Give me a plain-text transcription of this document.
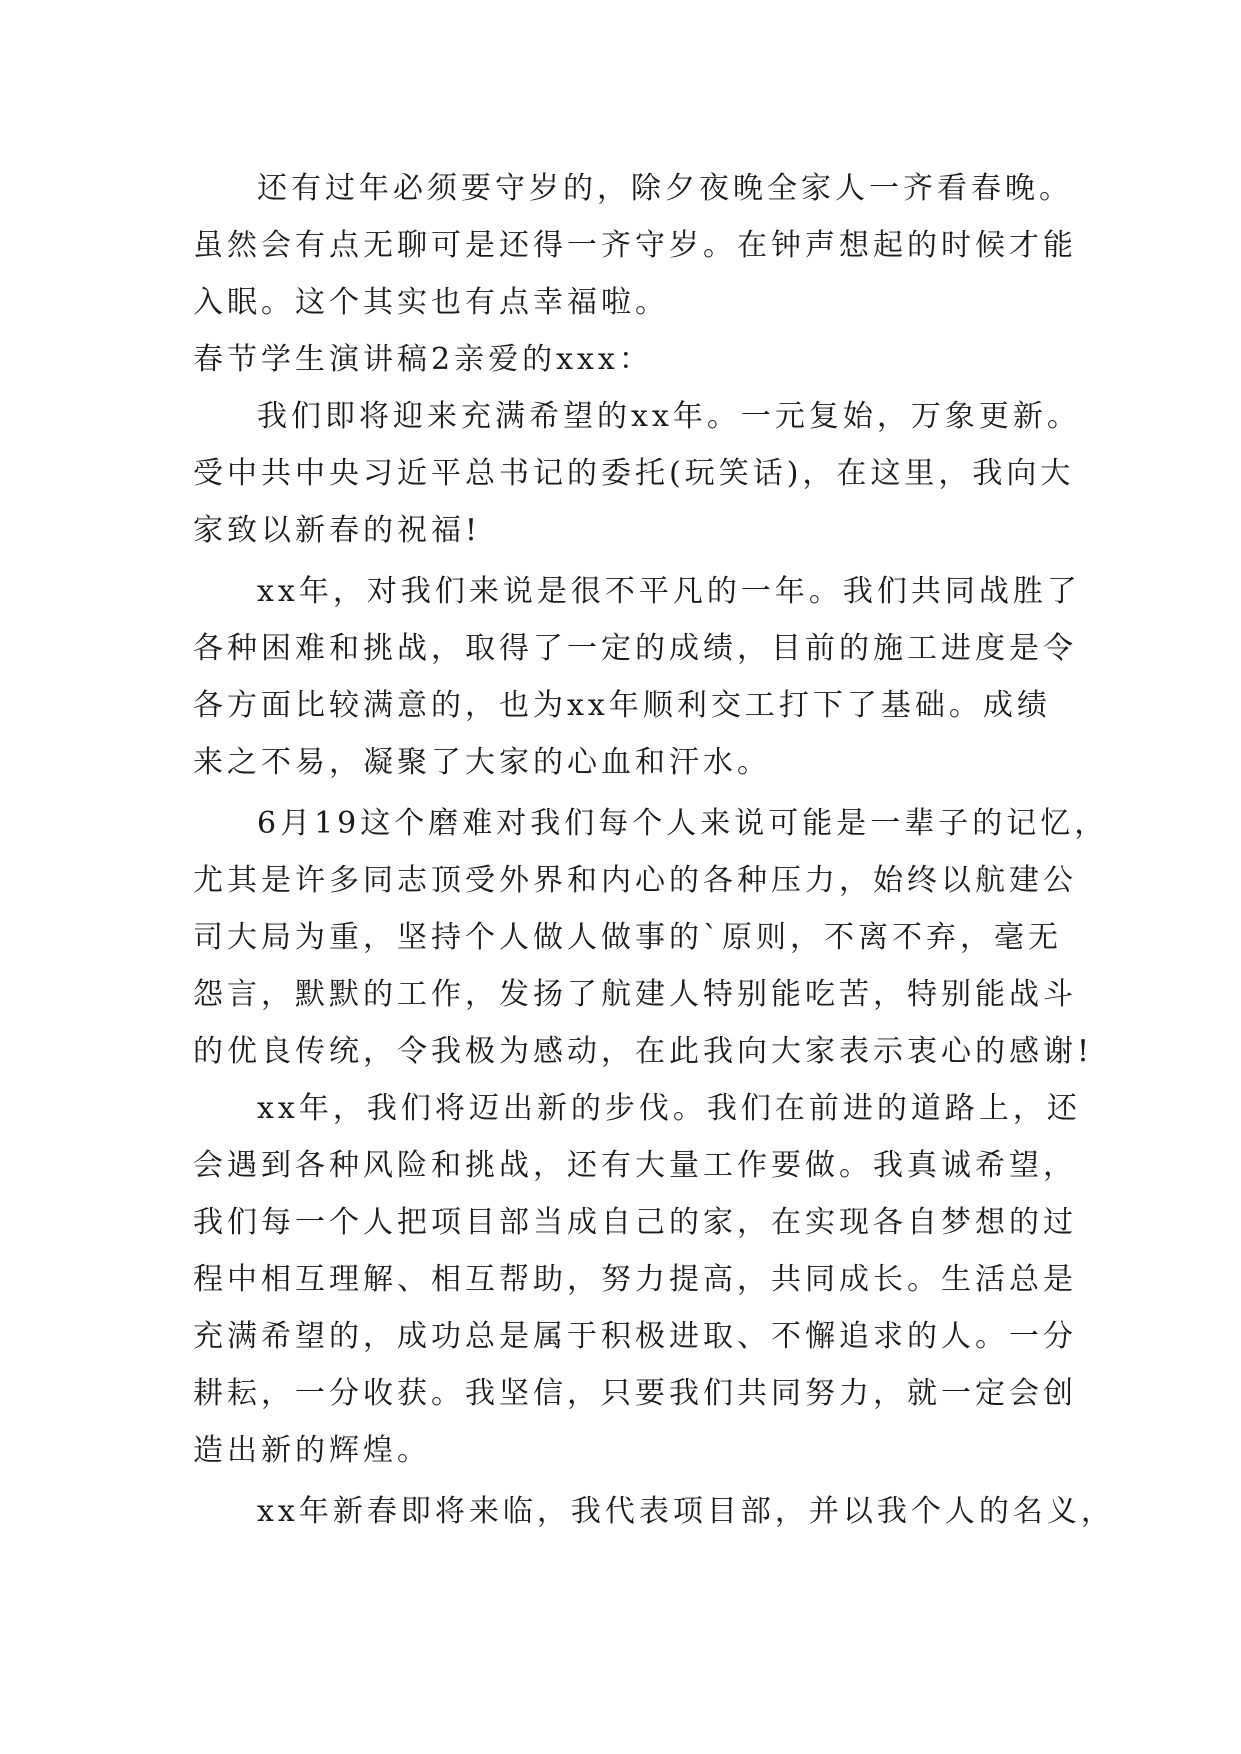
还有过年必须要守岁的，除夕夜晚全家人一齐看春晚。
虽然会有点无聊可是还得一齐守岁。在钟声想起的时候才能
入眠。这个其实也有点幸福啦。
春节学生演讲稿2亲爱的xxx：
我们即将迎来充满希望的xx年。一元复始，万象更新。
受中共中央习近平总书记的委托(玩笑话)，在这里，我向大
家致以新春的祝福!
xx年，对我们来说是很不平凡的一年。我们共同战胜了
各种困难和挑战，取得了一定的成绩，目前的施工进度是令
各方面比较满意的，也为xx年顺利交工打下了基础。成绩
来之不易，凝聚了大家的心血和汗水。
6月19这个磨难对我们每个人来说可能是一辈子的记忆，
尤其是许多同志顶受外界和内心的各种压力，始终以航建公
司大局为重，坚持个人做人做事的`原则，不离不弃，毫无
怨言，默默的工作，发扬了航建人特别能吃苦，特别能战斗
的优良传统，令我极为感动，在此我向大家表示衷心的感谢!
xx年，我们将迈出新的步伐。我们在前进的道路上，还
会遇到各种风险和挑战，还有大量工作要做。我真诚希望，
我们每一个人把项目部当成自己的家，在实现各自梦想的过
程中相互理解、相互帮助，努力提高，共同成长。生活总是
充满希望的，成功总是属于积极进取、不懈追求的人。一分
耕耘，一分收获。我坚信，只要我们共同努力，就一定会创
造出新的辉煌。
xx年新春即将来临，我代表项目部，并以我个人的名义，
